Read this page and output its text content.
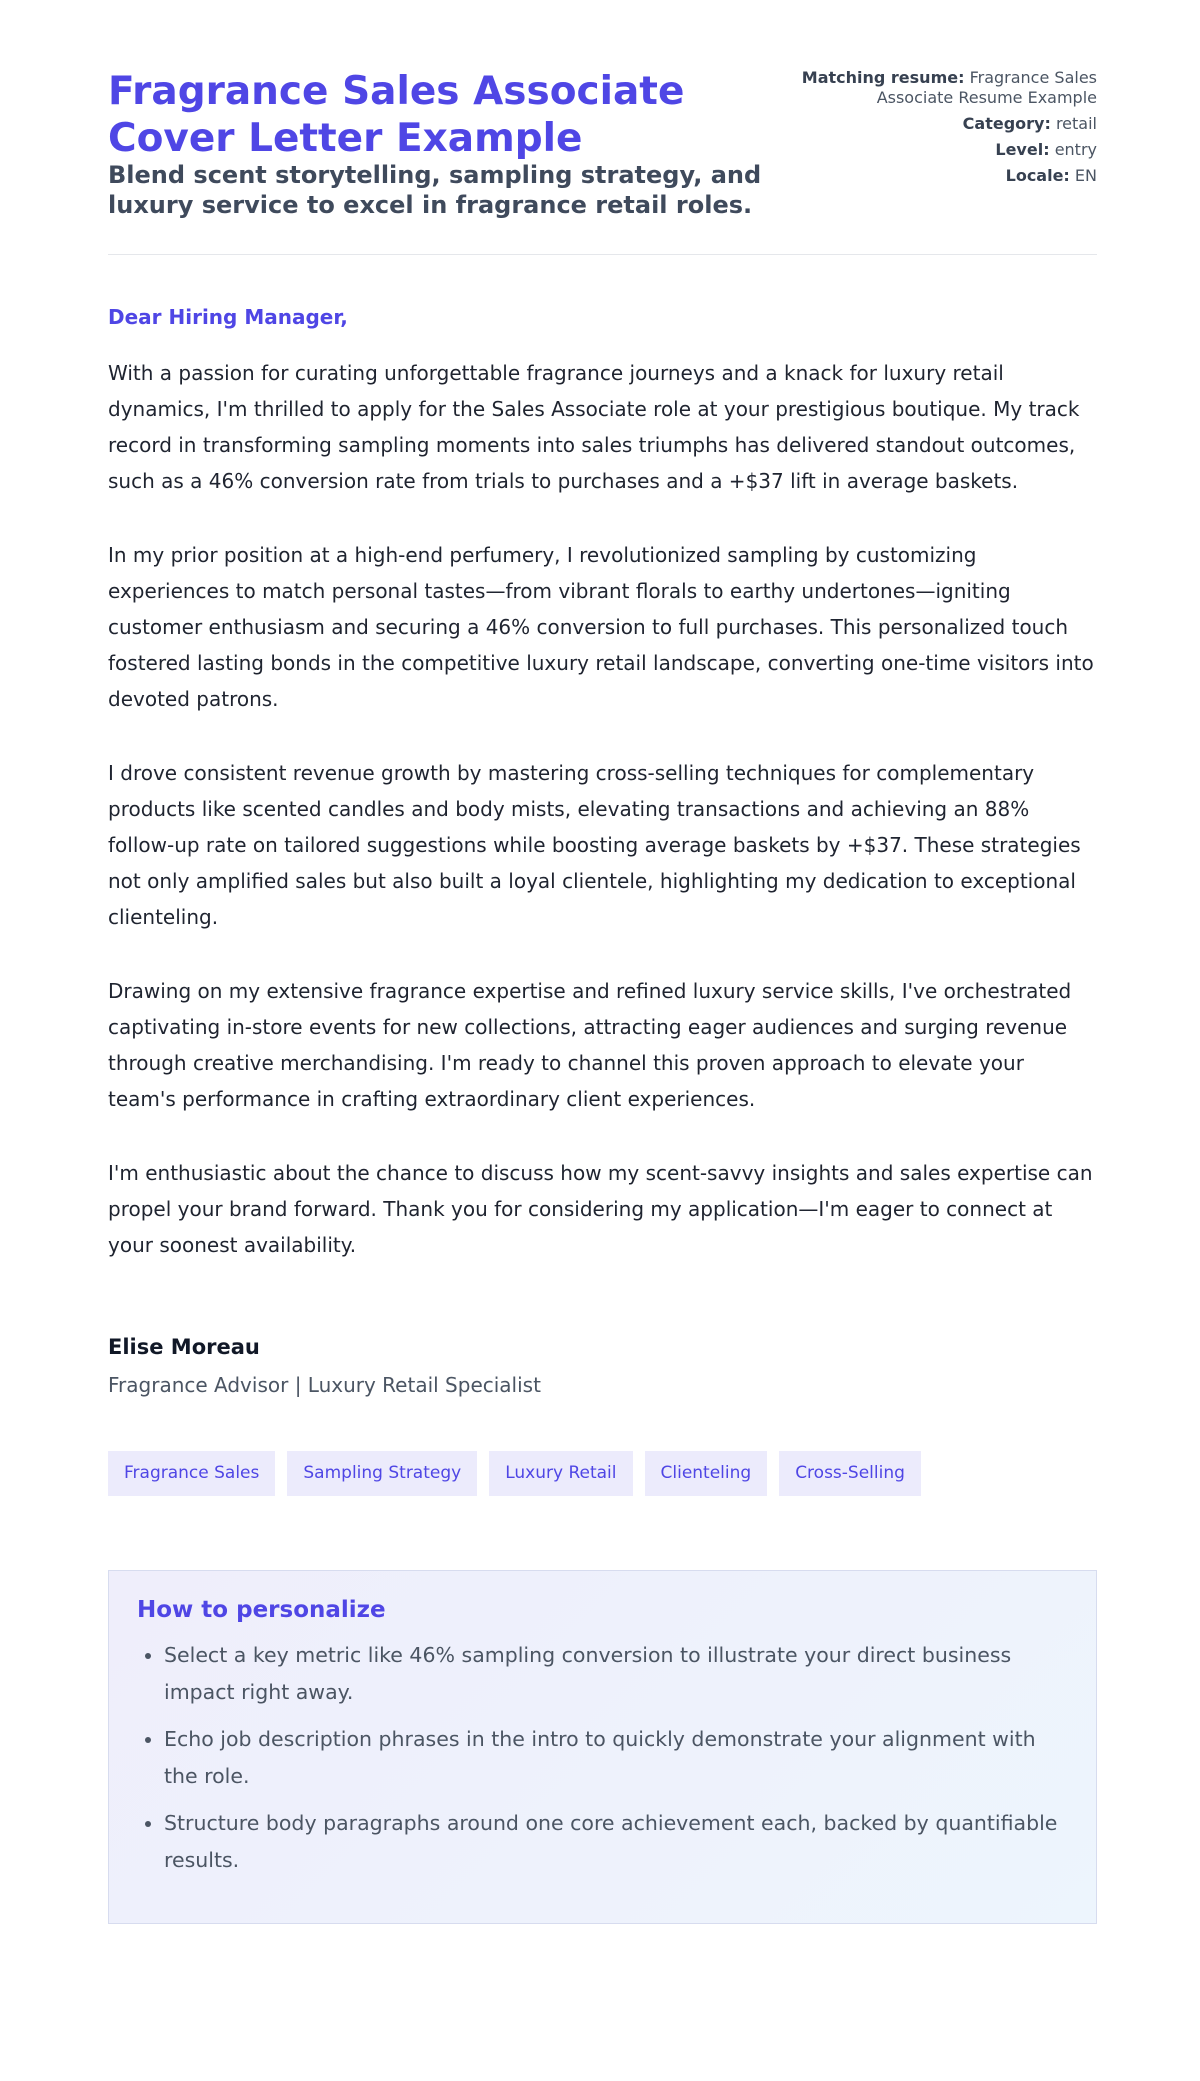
Fragrance Sales Associate Cover Letter Example
Blend scent storytelling, sampling strategy, and luxury service to excel in fragrance retail roles.
Matching resume: Fragrance Sales Associate Resume Example
Category: retail
Level: entry
Locale: EN
Dear Hiring Manager,

With a passion for curating unforgettable fragrance journeys and a knack for luxury retail dynamics, I'm thrilled to apply for the Sales Associate role at your prestigious boutique. My track record in transforming sampling moments into sales triumphs has delivered standout outcomes, such as a 46% conversion rate from trials to purchases and a +$37 lift in average baskets.

In my prior position at a high-end perfumery, I revolutionized sampling by customizing experiences to match personal tastes—from vibrant florals to earthy undertones—igniting customer enthusiasm and securing a 46% conversion to full purchases. This personalized touch fostered lasting bonds in the competitive luxury retail landscape, converting one-time visitors into devoted patrons.

I drove consistent revenue growth by mastering cross-selling techniques for complementary products like scented candles and body mists, elevating transactions and achieving an 88% follow-up rate on tailored suggestions while boosting average baskets by +$37. These strategies not only amplified sales but also built a loyal clientele, highlighting my dedication to exceptional clienteling.

Drawing on my extensive fragrance expertise and refined luxury service skills, I've orchestrated captivating in-store events for new collections, attracting eager audiences and surging revenue through creative merchandising. I'm ready to channel this proven approach to elevate your team's performance in crafting extraordinary client experiences.

I'm enthusiastic about the chance to discuss how my scent-savvy insights and sales expertise can propel your brand forward. Thank you for considering my application—I'm eager to connect at your soonest availability.

Elise Moreau
Fragrance Advisor | Luxury Retail Specialist
Fragrance Sales	Sampling Strategy	Luxury Retail	Clienteling	Cross-Selling
How to personalize
• Select a key metric like 46% sampling conversion to illustrate your direct business impact right away.
• Echo job description phrases in the intro to quickly demonstrate your alignment with the role.
• Structure body paragraphs around one core achievement each, backed by quantifiable results.
